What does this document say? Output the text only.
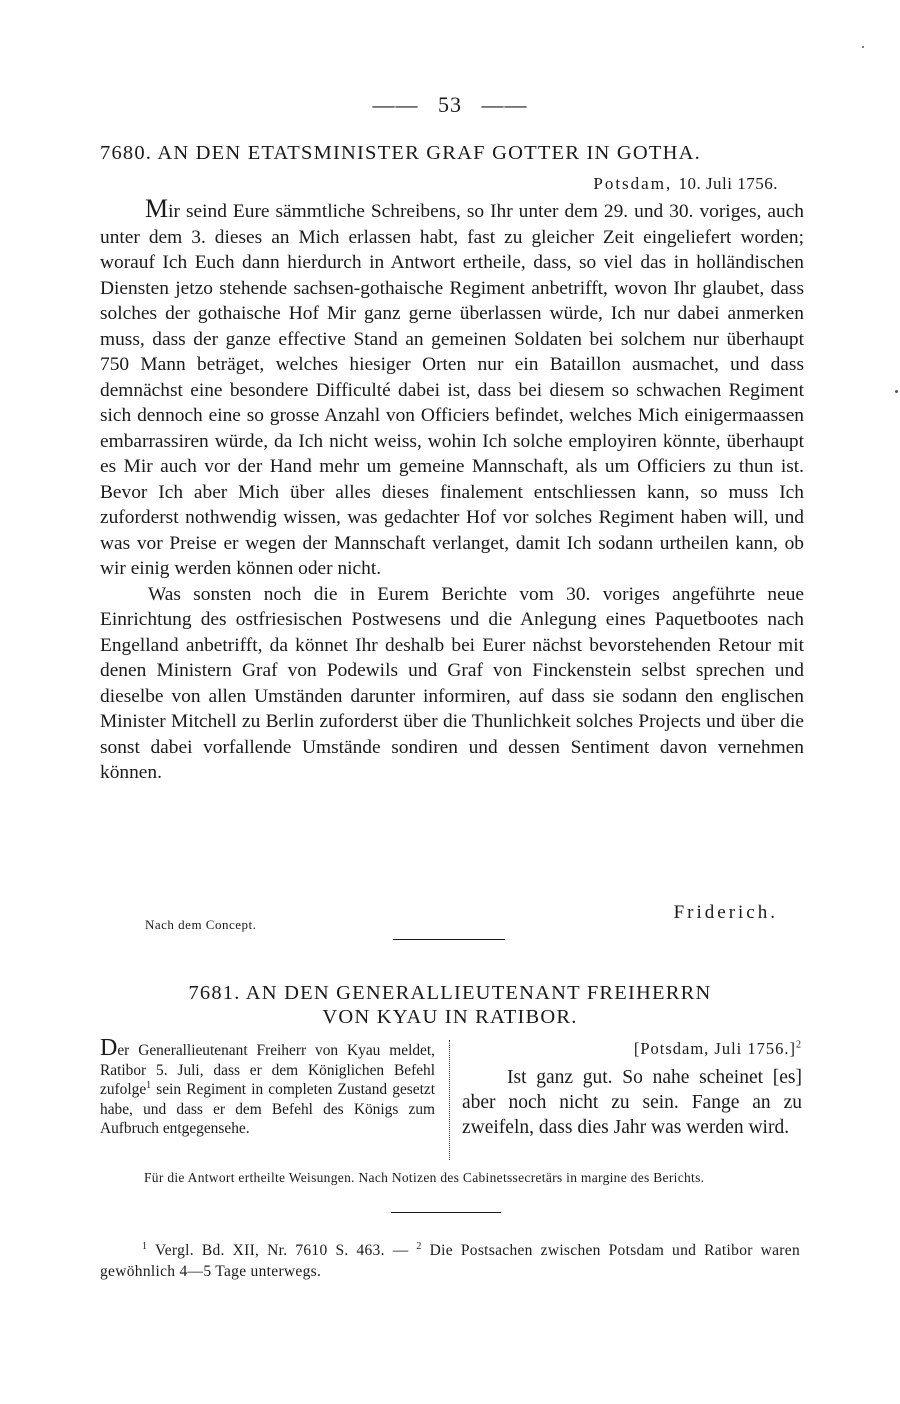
—— 53 ——
7680. AN DEN ETATSMINISTER GRAF GOTTER IN GOTHA.
Potsdam, 10. Juli 1756.

Mir seind Eure sämmtliche Schreibens, so Ihr unter dem 29. und 30. voriges, auch unter dem 3. dieses an Mich erlassen habt, fast zu gleicher Zeit eingeliefert worden; worauf Ich Euch dann hierdurch in Antwort ertheile, dass, so viel das in holländischen Diensten jetzo stehende sachsen-gothaische Regiment anbetrifft, wovon Ihr glaubet, dass solches der gothaische Hof Mir ganz gerne überlassen würde, Ich nur dabei anmerken muss, dass der ganze effective Stand an gemeinen Soldaten bei solchem nur überhaupt 750 Mann beträget, welches hiesiger Orten nur ein Bataillon ausmachet, und dass demnächst eine besondere Difficulté dabei ist, dass bei diesem so schwachen Regiment sich dennoch eine so grosse Anzahl von Officiers befindet, welches Mich einigermaassen embarrassiren würde, da Ich nicht weiss, wohin Ich solche employiren könnte, überhaupt es Mir auch vor der Hand mehr um gemeine Mannschaft, als um Officiers zu thun ist. Bevor Ich aber Mich über alles dieses finalement entschliessen kann, so muss Ich zuforderst nothwendig wissen, was gedachter Hof vor solches Regiment haben will, und was vor Preise er wegen der Mannschaft verlanget, damit Ich sodann urtheilen kann, ob wir einig werden können oder nicht.

Was sonsten noch die in Eurem Berichte vom 30. voriges angeführte neue Einrichtung des ostfriesischen Postwesens und die Anlegung eines Paquetbootes nach Engelland anbetrifft, da könnet Ihr deshalb bei Eurer nächst bevorstehenden Retour mit denen Ministern Graf von Podewils und Graf von Finckenstein selbst sprechen und dieselbe von allen Umständen darunter informiren, auf dass sie sodann den englischen Minister Mitchell zu Berlin zuforderst über die Thunlichkeit solches Projects und über die sonst dabei vorfallende Umstände sondiren und dessen Sentiment davon vernehmen können.

Friderich.
Nach dem Concept.
7681. AN DEN GENERALLIEUTENANT FREIHERRN
VON KYAU IN RATIBOR.
Der Generallieutenant Freiherr von Kyau meldet, Ratibor 5. Juli, dass er dem Königlichen Befehl zufolge$^1$ sein Regiment in completen Zustand gesetzt habe, und dass er dem Befehl des Königs zum Aufbruch entgegensehe.
[Potsdam, Juli 1756.]$^2$

Ist ganz gut. So nahe scheinet [es] aber noch nicht zu sein. Fange an zu zweifeln, dass dies Jahr was werden wird.

Für die Antwort ertheilte Weisungen. Nach Notizen des Cabinetssecretärs in margine des Berichts.
$^1$ Vergl. Bd. XII, Nr. 7610 S. 463. — $^2$ Die Postsachen zwischen Potsdam und Ratibor waren gewöhnlich 4—5 Tage unterwegs.
